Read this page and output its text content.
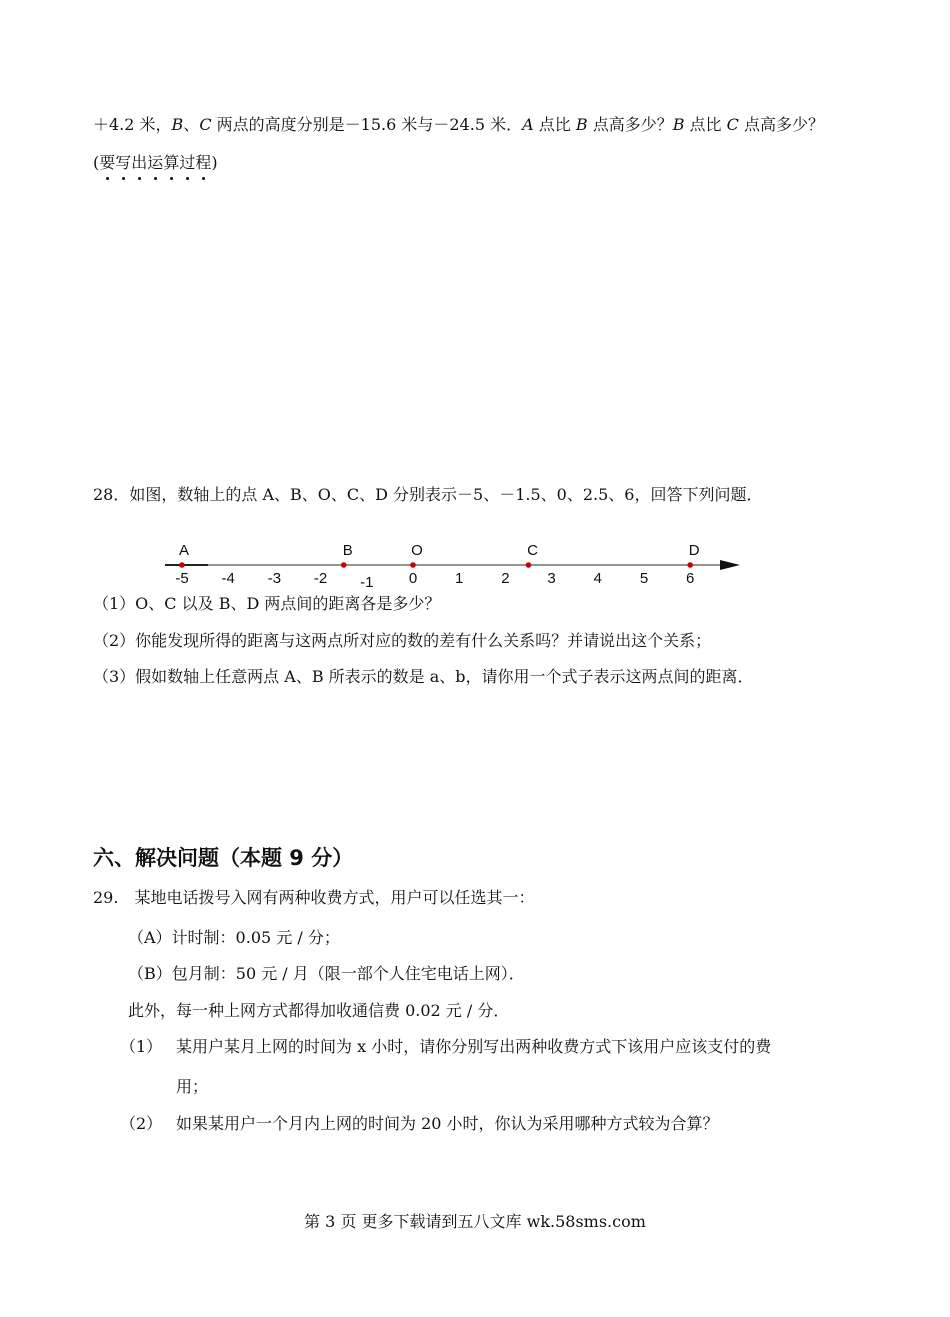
＋4.2 米，B、C 两点的高度分别是－15.6 米与－24.5 米．A 点比 B 点高多少？B 点比 C 点高多少？
(要写出运算过程)
28．如图，数轴上的点 A、B、O、C、D 分别表示－5、－1.5、0、2.5、6，回答下列问题．
-5 -4 -3 -2 -1 0	1	2	3	4	5	6
A	B	O	C	D
（1）O、C 以及 B、D 两点间的距离各是多少？
（2）你能发现所得的距离与这两点所对应的数的差有什么关系吗？并请说出这个关系；
（3）假如数轴上任意两点 A、B 所表示的数是 a、b，请你用一个式子表示这两点间的距离．
六、解决问题（本题 9 分）
29.　某地电话拨号入网有两种收费方式，用户可以任选其一：
（A）计时制：0.05 元 / 分；
（B）包月制：50 元 / 月（限一部个人住宅电话上网）．
此外，每一种上网方式都得加收通信费 0.02 元 / 分．
（1） 某用户某月上网的时间为 x 小时，请你分别写出两种收费方式下该用户应该支付的费
用；
（2） 如果某用户一个月内上网的时间为 20 小时，你认为采用哪种方式较为合算？
第 3 页 更多下载请到五八文库 wk.58sms.com
